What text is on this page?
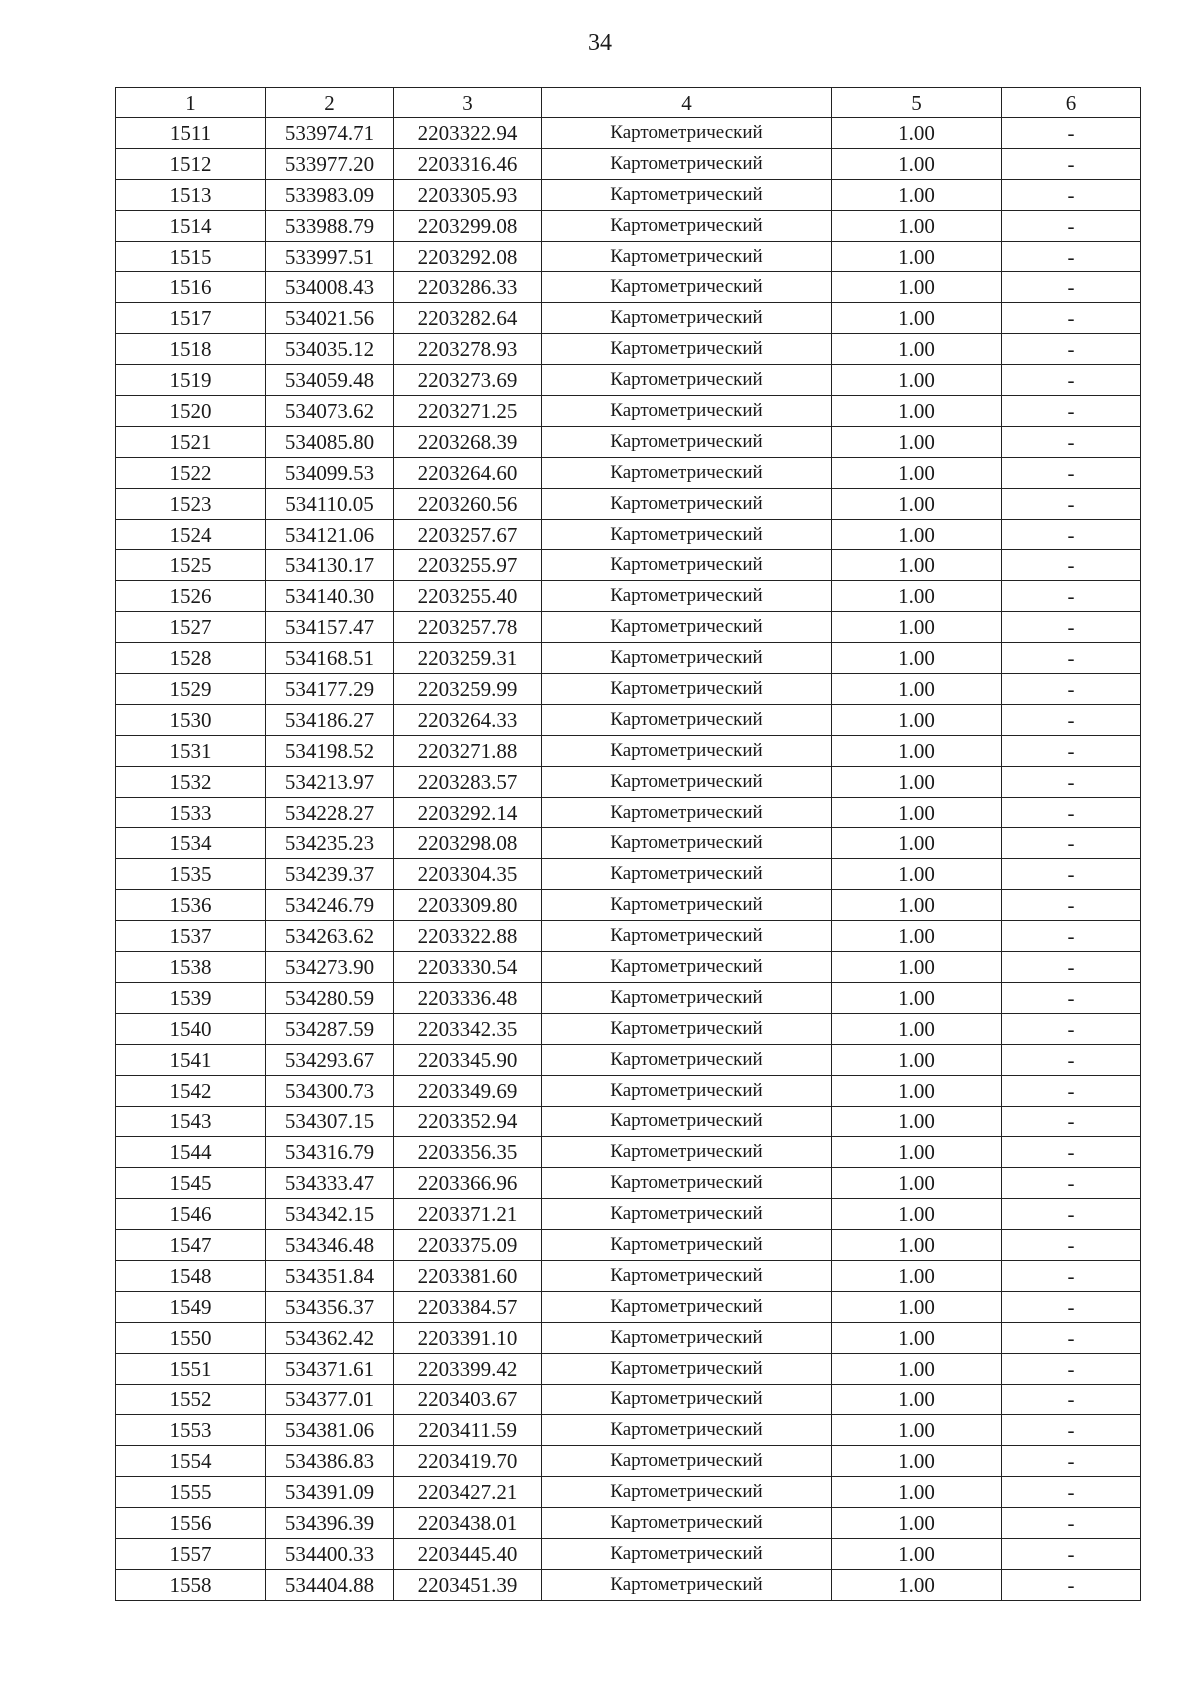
34
1	2	3	4	5	6
1511	533974.71	2203322.94	Картометрический	1.00	-
1512	533977.20	2203316.46	Картометрический	1.00	-
1513	533983.09	2203305.93	Картометрический	1.00	-
1514	533988.79	2203299.08	Картометрический	1.00	-
1515	533997.51	2203292.08	Картометрический	1.00	-
1516	534008.43	2203286.33	Картометрический	1.00	-
1517	534021.56	2203282.64	Картометрический	1.00	-
1518	534035.12	2203278.93	Картометрический	1.00	-
1519	534059.48	2203273.69	Картометрический	1.00	-
1520	534073.62	2203271.25	Картометрический	1.00	-
1521	534085.80	2203268.39	Картометрический	1.00	-
1522	534099.53	2203264.60	Картометрический	1.00	-
1523	534110.05	2203260.56	Картометрический	1.00	-
1524	534121.06	2203257.67	Картометрический	1.00	-
1525	534130.17	2203255.97	Картометрический	1.00	-
1526	534140.30	2203255.40	Картометрический	1.00	-
1527	534157.47	2203257.78	Картометрический	1.00	-
1528	534168.51	2203259.31	Картометрический	1.00	-
1529	534177.29	2203259.99	Картометрический	1.00	-
1530	534186.27	2203264.33	Картометрический	1.00	-
1531	534198.52	2203271.88	Картометрический	1.00	-
1532	534213.97	2203283.57	Картометрический	1.00	-
1533	534228.27	2203292.14	Картометрический	1.00	-
1534	534235.23	2203298.08	Картометрический	1.00	-
1535	534239.37	2203304.35	Картометрический	1.00	-
1536	534246.79	2203309.80	Картометрический	1.00	-
1537	534263.62	2203322.88	Картометрический	1.00	-
1538	534273.90	2203330.54	Картометрический	1.00	-
1539	534280.59	2203336.48	Картометрический	1.00	-
1540	534287.59	2203342.35	Картометрический	1.00	-
1541	534293.67	2203345.90	Картометрический	1.00	-
1542	534300.73	2203349.69	Картометрический	1.00	-
1543	534307.15	2203352.94	Картометрический	1.00	-
1544	534316.79	2203356.35	Картометрический	1.00	-
1545	534333.47	2203366.96	Картометрический	1.00	-
1546	534342.15	2203371.21	Картометрический	1.00	-
1547	534346.48	2203375.09	Картометрический	1.00	-
1548	534351.84	2203381.60	Картометрический	1.00	-
1549	534356.37	2203384.57	Картометрический	1.00	-
1550	534362.42	2203391.10	Картометрический	1.00	-
1551	534371.61	2203399.42	Картометрический	1.00	-
1552	534377.01	2203403.67	Картометрический	1.00	-
1553	534381.06	2203411.59	Картометрический	1.00	-
1554	534386.83	2203419.70	Картометрический	1.00	-
1555	534391.09	2203427.21	Картометрический	1.00	-
1556	534396.39	2203438.01	Картометрический	1.00	-
1557	534400.33	2203445.40	Картометрический	1.00	-
1558	534404.88	2203451.39	Картометрический	1.00	-
